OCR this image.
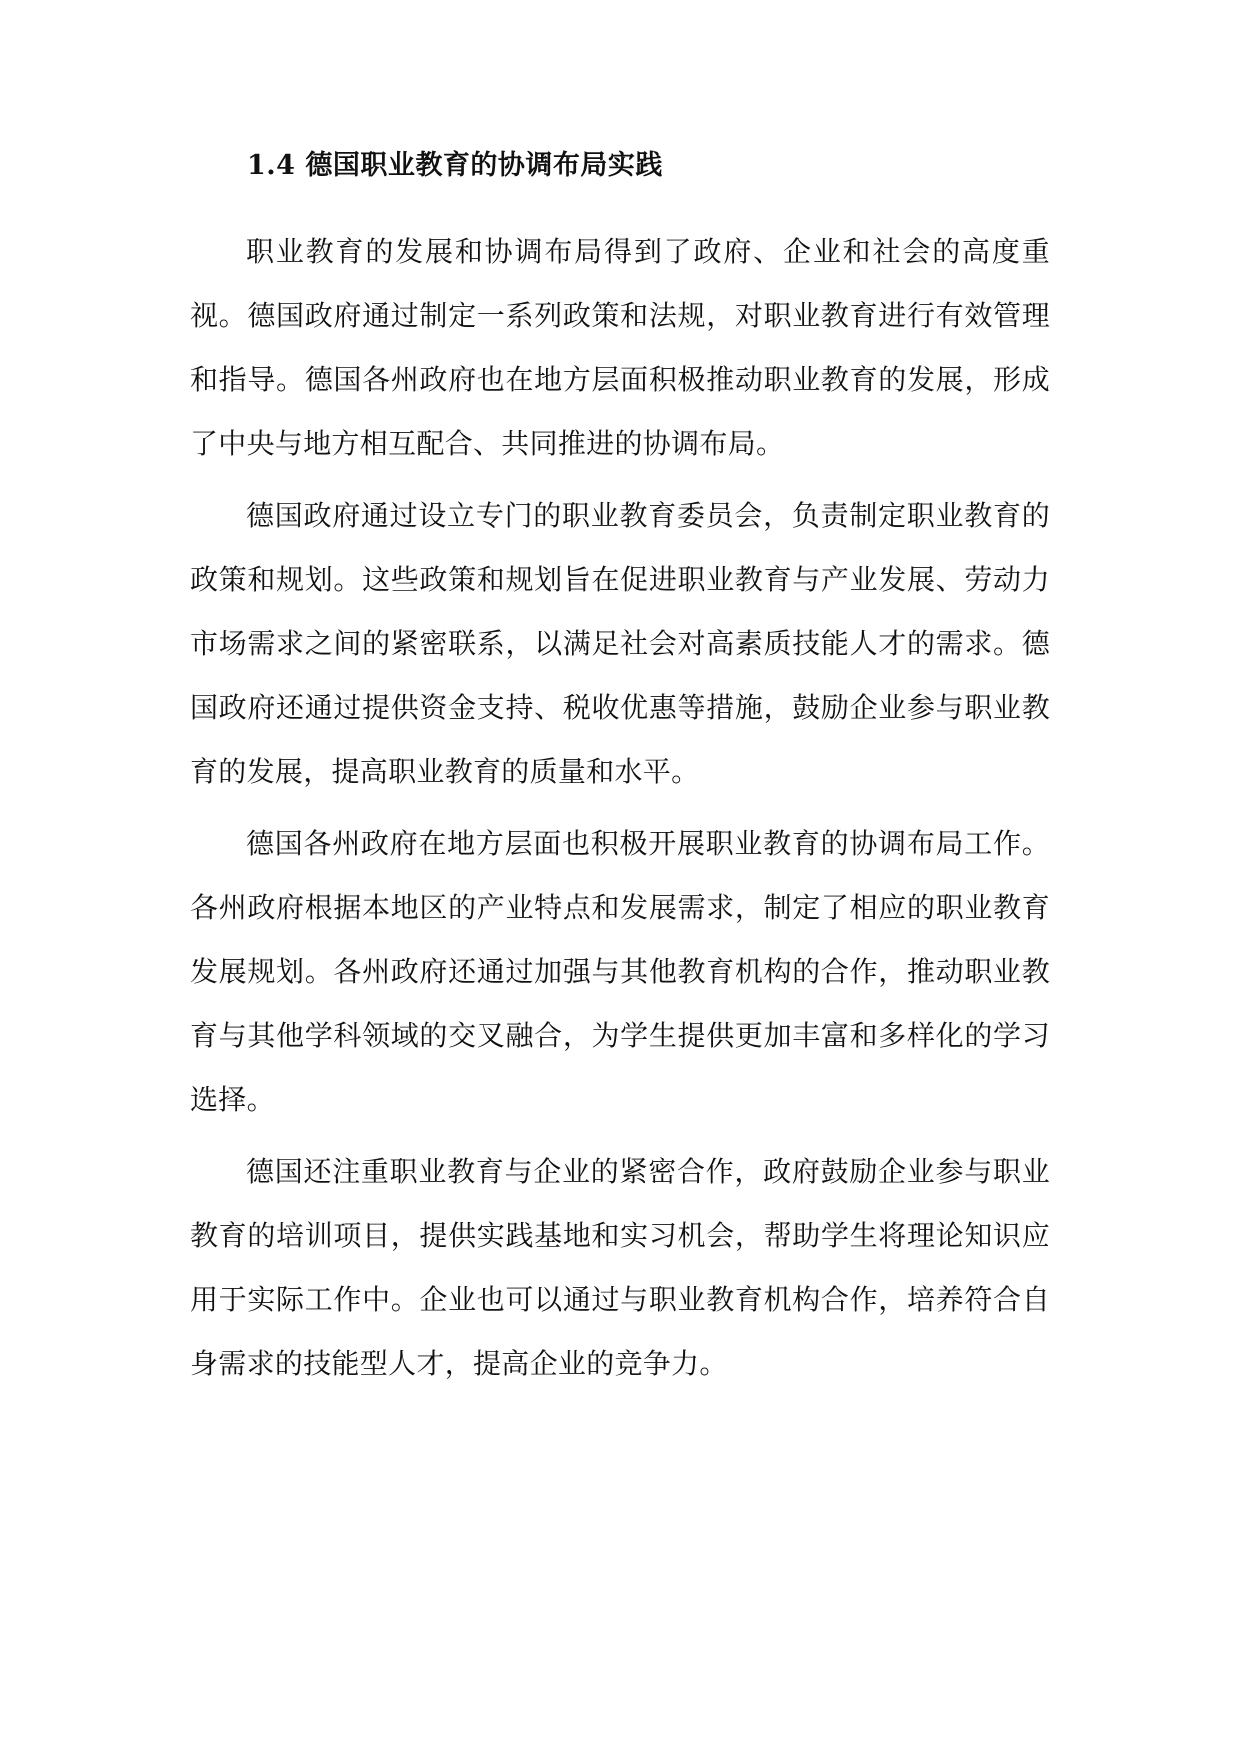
1.4 德国职业教育的协调布局实践

职业教育的发展和协调布局得到了政府、企业和社会的高度重视。德国政府通过制定一系列政策和法规，对职业教育进行有效管理和指导。德国各州政府也在地方层面积极推动职业教育的发展，形成了中央与地方相互配合、共同推进的协调布局。

德国政府通过设立专门的职业教育委员会，负责制定职业教育的政策和规划。这些政策和规划旨在促进职业教育与产业发展、劳动力市场需求之间的紧密联系，以满足社会对高素质技能人才的需求。德国政府还通过提供资金支持、税收优惠等措施，鼓励企业参与职业教育的发展，提高职业教育的质量和水平。

德国各州政府在地方层面也积极开展职业教育的协调布局工作。各州政府根据本地区的产业特点和发展需求，制定了相应的职业教育发展规划。各州政府还通过加强与其他教育机构的合作，推动职业教育与其他学科领域的交叉融合，为学生提供更加丰富和多样化的学习选择。

德国还注重职业教育与企业的紧密合作，政府鼓励企业参与职业教育的培训项目，提供实践基地和实习机会，帮助学生将理论知识应用于实际工作中。企业也可以通过与职业教育机构合作，培养符合自身需求的技能型人才，提高企业的竞争力。
